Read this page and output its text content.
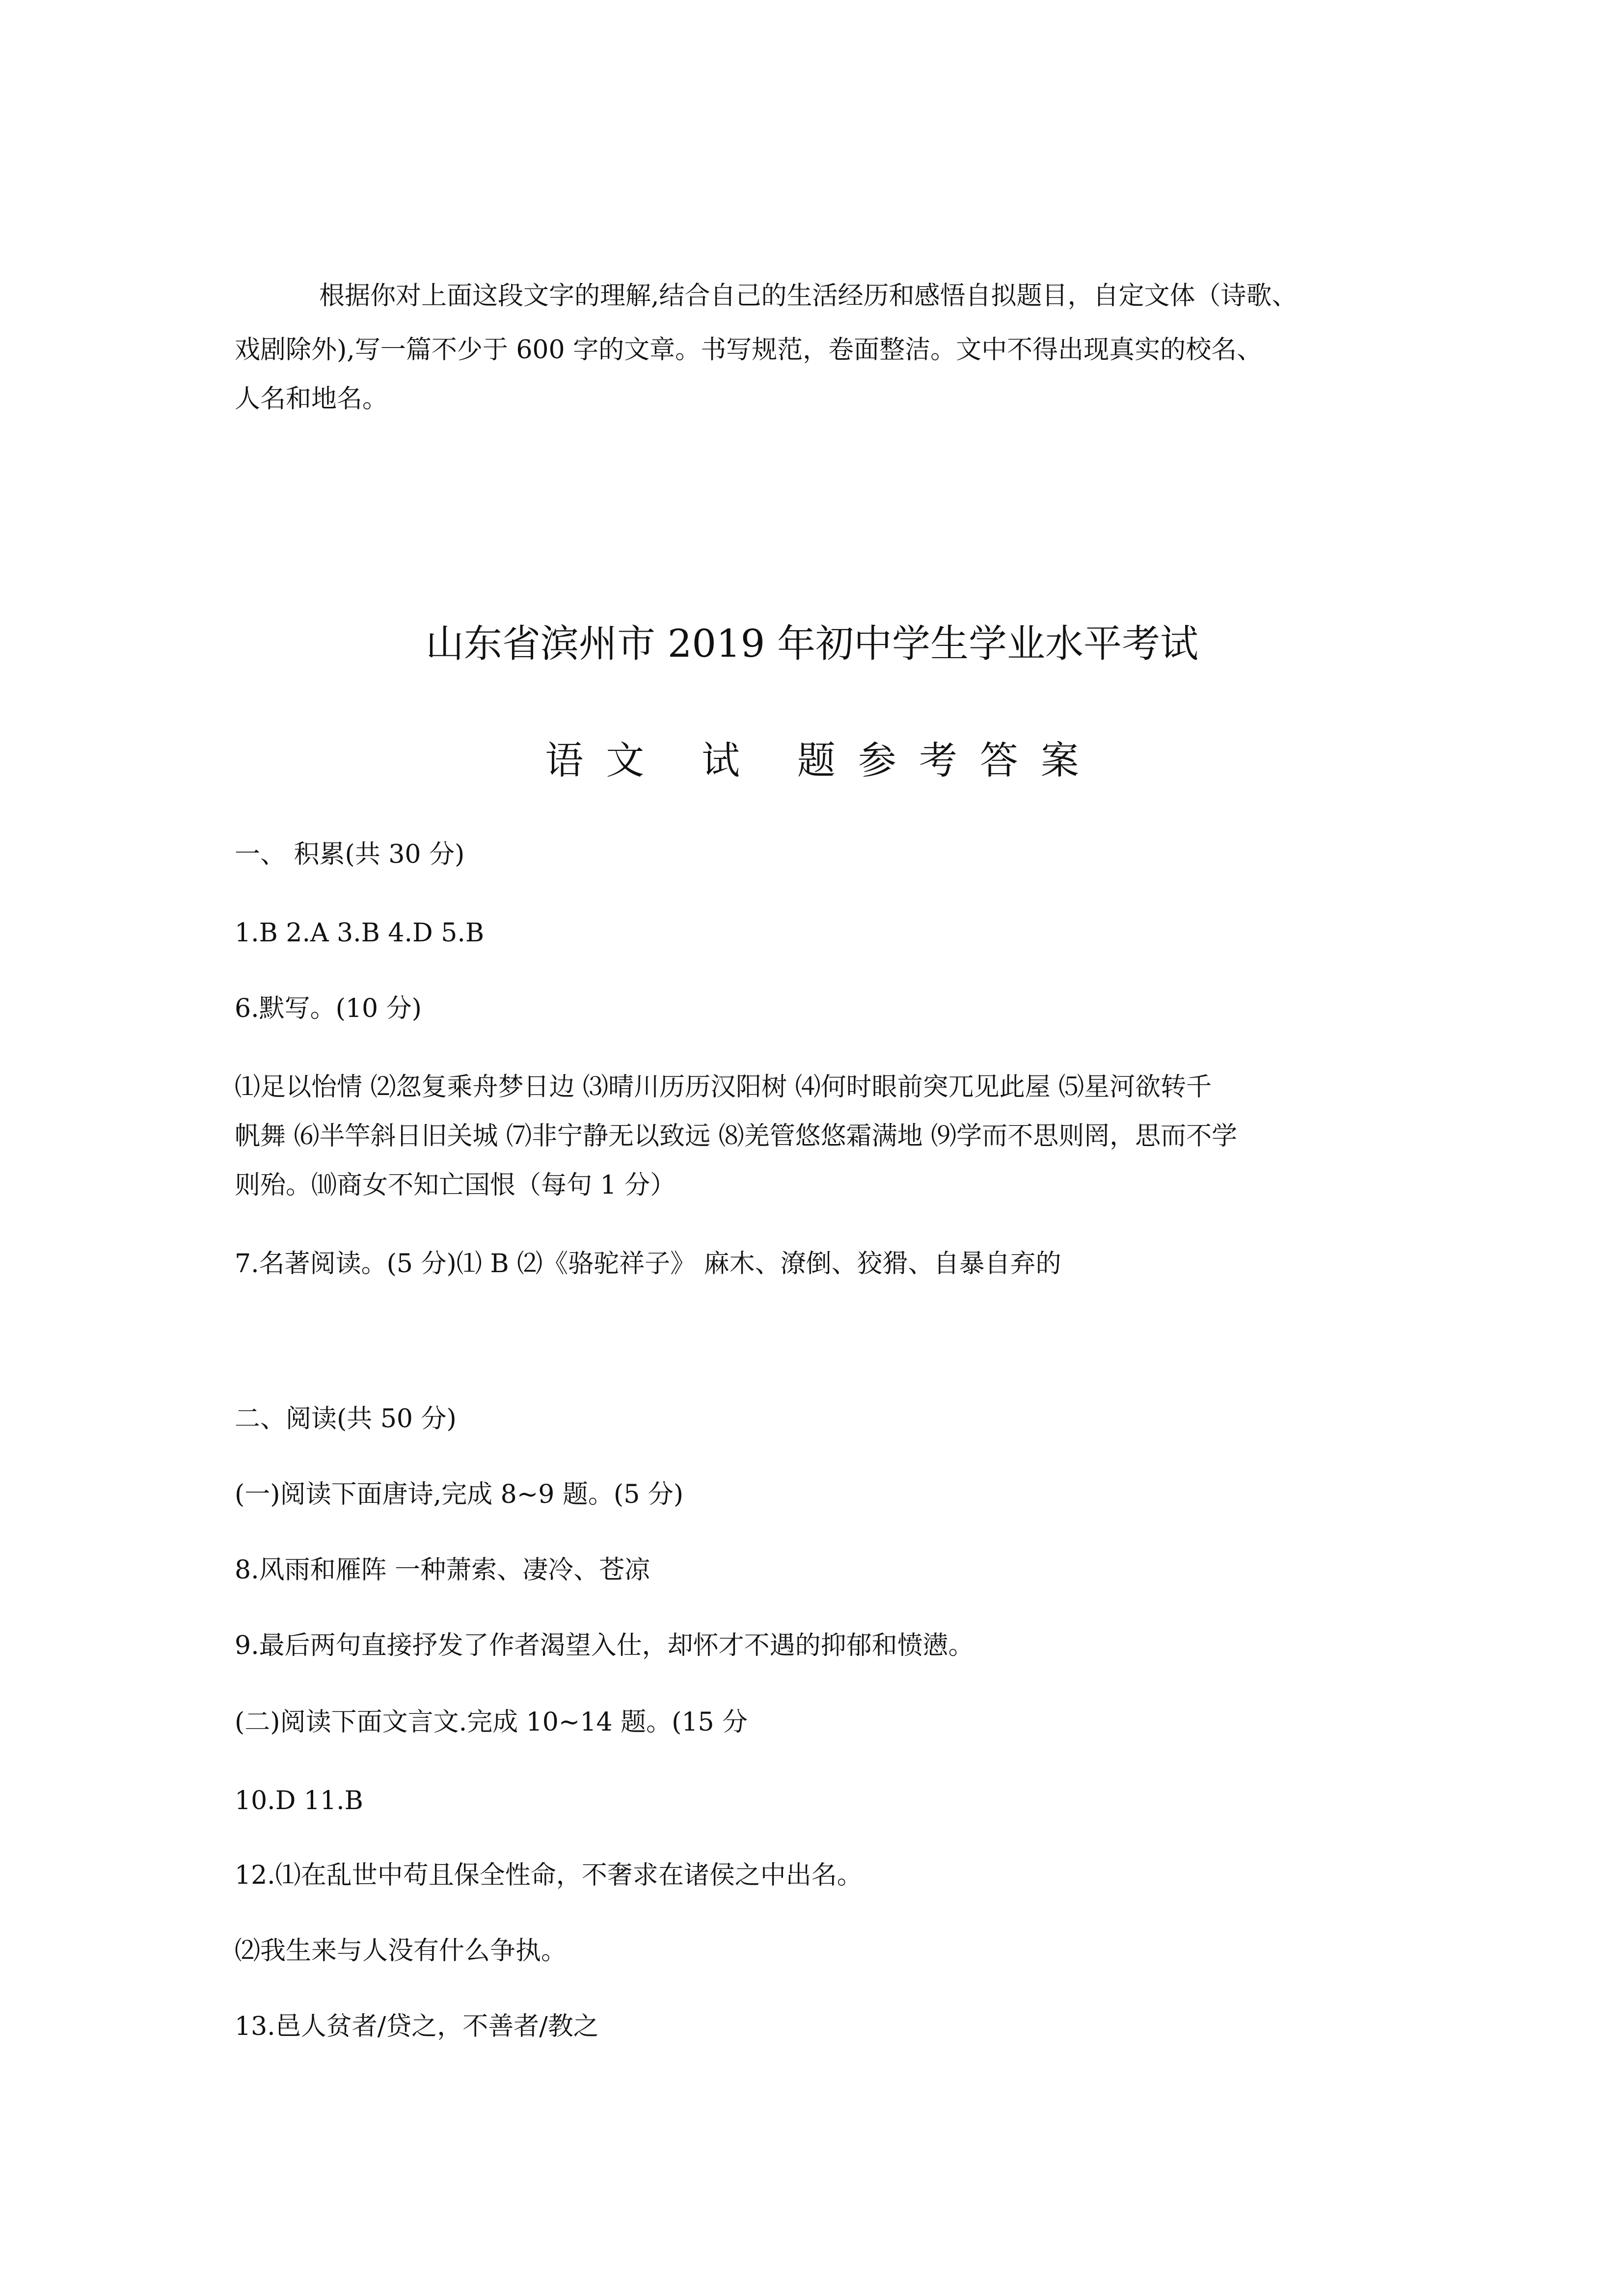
根据你对上面这段文字的理解,结合自己的生活经历和感悟自拟题目，自定文体（诗歌、
戏剧除外),写一篇不少于 600 字的文章。书写规范，卷面整洁。文中不得出现真实的校名、
人名和地名。
山东省滨州市 2019 年初中学生学业水平考试
语文 试 题参考答案
一、 积累(共 30 分)
1.B 2.A 3.B 4.D 5.B
6.默写。(10 分)
⑴足以怡情 ⑵忽复乘舟梦日边 ⑶晴川历历汉阳树 ⑷何时眼前突兀见此屋 ⑸星河欲转千
帆舞 ⑹半竿斜日旧关城 ⑺非宁静无以致远 ⑻羌管悠悠霜满地 ⑼学而不思则罔，思而不学
则殆。⑽商女不知亡国恨（每句 1 分）
7.名著阅读。(5 分)⑴ B ⑵《骆驼祥子》 麻木、潦倒、狡猾、自暴自弃的
二、阅读(共 50 分)
(一)阅读下面唐诗,完成 8~9 题。(5 分)
8.风雨和雁阵 一种萧索、凄冷、苍凉
9.最后两句直接抒发了作者渴望入仕，却怀才不遇的抑郁和愤懑。
(二)阅读下面文言文.完成 10~14 题。(15 分
10.D 11.B
12.⑴在乱世中苟且保全性命，不奢求在诸侯之中出名。
⑵我生来与人没有什么争执。
13.邑人贫者/贷之，不善者/教之
